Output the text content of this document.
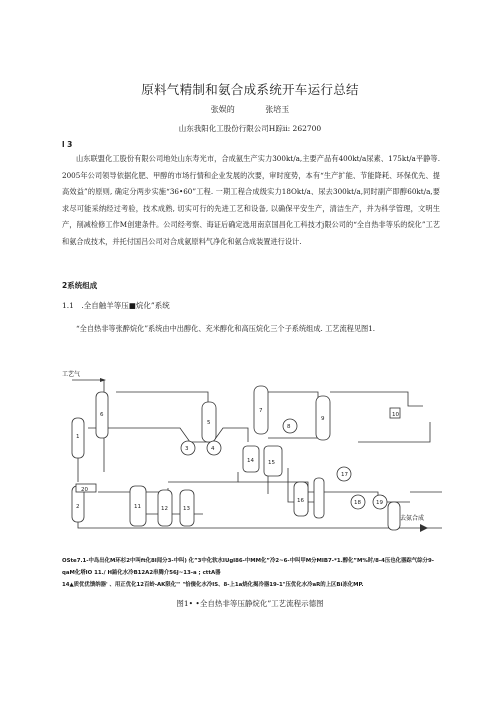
原料气精制和氨合成系统开车运行总结
张娱的	张培玉
山东我阳化工股份行限公司H踪ii: 262700
l 3
山东联盟化工股份有限公司地处山东寿光市，合成氨生产实力300kt/a,主要产品有400kt/a尿素、175kt/a平静等. 2005年公司领导依据化肥、甲醇的市场行情和企业发展的次要，审时度势，本有“生产扩能、节能降耗、环保优先、提高效益”的原则, 确定分两步实施“36•60”工程. 一期工程合成级实力18Okt/a、尿去300kt/a,同时副产即醇60kt/a,要求尽可能采纳经过考验，技术成熟, 切实可行的先进工艺和设备, 以确保平安生产，清洁生产，并为科学管理，文明生产，削减检修工作M创建条件。公司经考察、诲证后确定选用南京国昌化工科技才j限公司的“全自热非等乐的烷化”工艺和氨合成技术，并托付国吕公司对合成氨原料气净化和氨合成装置进行设计.
2系统组成
1.1　.全自触羊等压■烷化”系统
“全自热非等张醉烷化”系统由中出醇化、充米醇化和高压烷化三个子系统组成. 工艺流程见图1.
工艺气
去氨合成
1
2
3	4
5
6
7
8
9
10
11	12	13
14	15
16
17
18	19
20
OSte7.1-中岛出化M环杉2中叫ft化8I闻分3-中叫) 化”3中化软水IUgI86-中MM化”冷2~6-中叫甲M分MIB7-*1.醇化”M%时/8-4压也化器踪气综分9-
qaM化塔IO 11./ H踮化水冷B12A2串腾介56J~13-a ; cttA器
14▲质优优馈纳器' 、用正优化12百蛉-AK限化"' "恰傻化水冷IS、8-上1a烧化揭冷器19-1"压优化水冷aR的上区Bi冻化MP.
图1• •全自热非等压静烷化”工艺流程示德图
